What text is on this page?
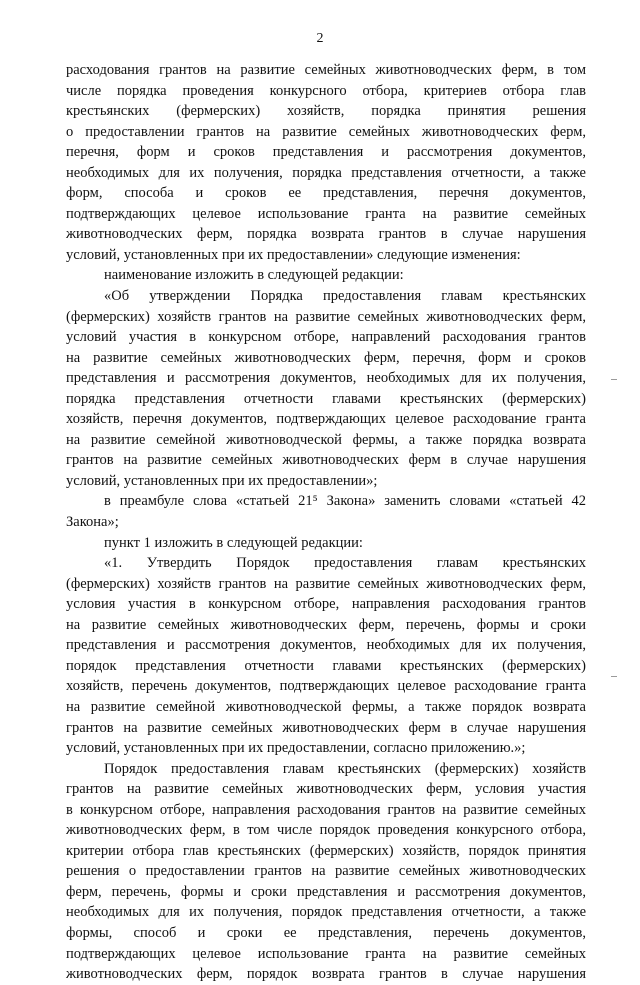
2
расходования грантов на развитие семейных животноводческих ферм, в том
числе порядка проведения конкурсного отбора, критериев отбора глав
крестьянских (фермерских) хозяйств, порядка принятия решения
о предоставлении грантов на развитие семейных животноводческих ферм,
перечня, форм и сроков представления и рассмотрения документов,
необходимых для их получения, порядка представления отчетности, а также
форм, способа и сроков ее представления, перечня документов,
подтверждающих целевое использование гранта на развитие семейных
животноводческих ферм, порядка возврата грантов в случае нарушения
условий, установленных при их предоставлении» следующие изменения:
наименование изложить в следующей редакции:
«Об утверждении Порядка предоставления главам крестьянских
(фермерских) хозяйств грантов на развитие семейных животноводческих ферм,
условий участия в конкурсном отборе, направлений расходования грантов
на развитие семейных животноводческих ферм, перечня, форм и сроков
представления и рассмотрения документов, необходимых для их получения,
порядка представления отчетности главами крестьянских (фермерских)
хозяйств, перечня документов, подтверждающих целевое расходование гранта
на развитие семейной животноводческой фермы, а также порядка возврата
грантов на развитие семейных животноводческих ферм в случае нарушения
условий, установленных при их предоставлении»;
в преамбуле слова «статьей 21⁵ Закона» заменить словами «статьей 42
Закона»;
пункт 1 изложить в следующей редакции:
«1. Утвердить Порядок предоставления главам крестьянских
(фермерских) хозяйств грантов на развитие семейных животноводческих ферм,
условия участия в конкурсном отборе, направления расходования грантов
на развитие семейных животноводческих ферм, перечень, формы и сроки
представления и рассмотрения документов, необходимых для их получения,
порядок представления отчетности главами крестьянских (фермерских)
хозяйств, перечень документов, подтверждающих целевое расходование гранта
на развитие семейной животноводческой фермы, а также порядок возврата
грантов на развитие семейных животноводческих ферм в случае нарушения
условий, установленных при их предоставлении, согласно приложению.»;
Порядок предоставления главам крестьянских (фермерских) хозяйств
грантов на развитие семейных животноводческих ферм, условия участия
в конкурсном отборе, направления расходования грантов на развитие семейных
животноводческих ферм, в том числе порядок проведения конкурсного отбора,
критерии отбора глав крестьянских (фермерских) хозяйств, порядок принятия
решения о предоставлении грантов на развитие семейных животноводческих
ферм, перечень, формы и сроки представления и рассмотрения документов,
необходимых для их получения, порядок представления отчетности, а также
формы, способ и сроки ее представления, перечень документов,
подтверждающих целевое использование гранта на развитие семейных
животноводческих ферм, порядок возврата грантов в случае нарушения
